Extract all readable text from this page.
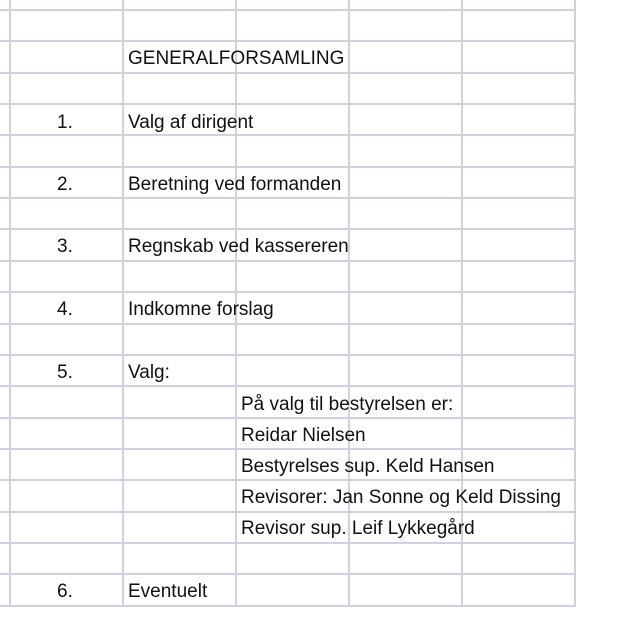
GENERALFORSAMLING
1.	Valg af dirigent
2.	Beretning ved formanden
3.	Regnskab ved kassereren
4.	Indkomne forslag
5.	Valg:
På valg til bestyrelsen er:
Reidar Nielsen
Bestyrelses sup. Keld Hansen
Revisorer: Jan Sonne og Keld Dissing
Revisor sup. Leif Lykkegård
6.	Eventuelt
